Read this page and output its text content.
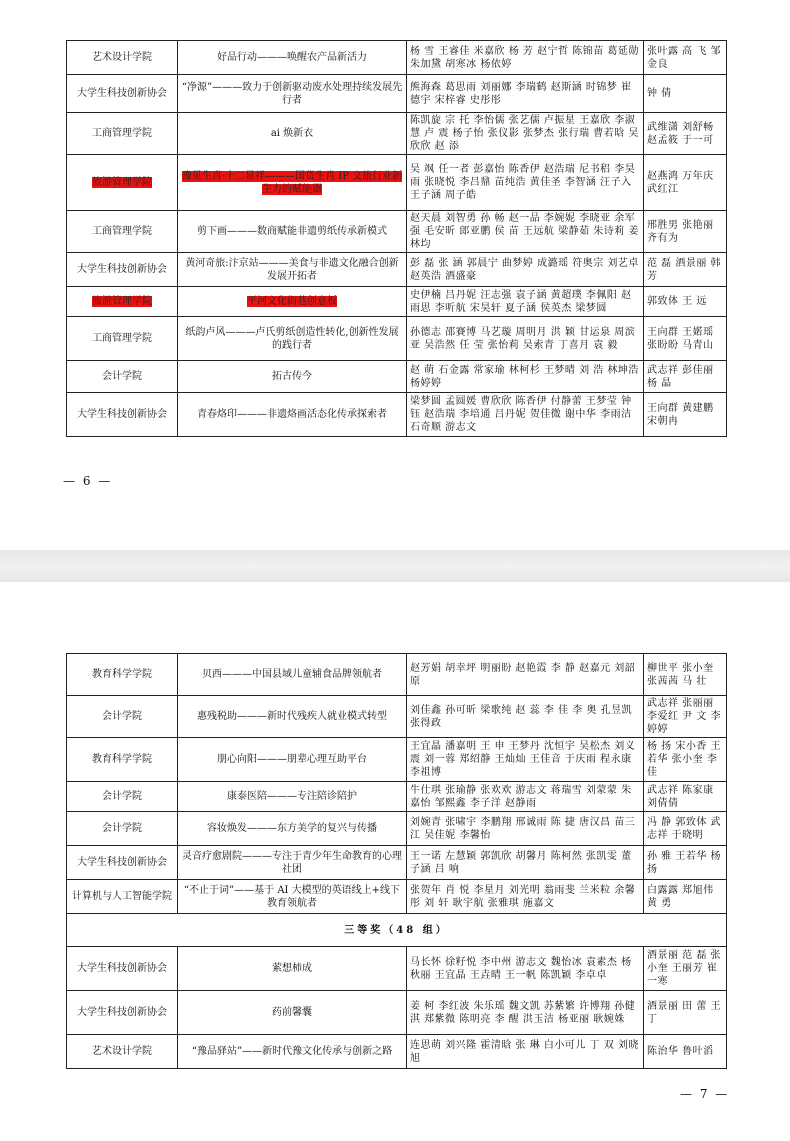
艺术设计学院	好品行动———唤醒农产品新活力	杨 雪 王睿佳 米嘉欣 杨 芳 赵宁哲 陈锦苗 葛延勋 朱加黛 胡寒冰 杨依婷	张叶露 高 飞 邹金良
大学生科技创新协会	“净源”———致力于创新驱动废水处理持续发展先行者	熊海森 葛思雨 刘丽娜 李瑞鹤 赵斯涵 时锦梦 崔德宇 宋梓睿 史彤彤	钟 倩
工商管理学院	ai 焕新衣	陈凯旋 宗 托 李怡儒 张艺儒 卢振星 王嘉欣 李淑慧 卢 震 杨子怡 张仪影 张梦杰 张行瑞 曹若晗 吴欣欣 赵 添	武维潇 刘舒畅 赵孟筱 于一可
旅游管理学院	豫见生肖·十二显祥———国货生肖 IP 文旅行业新生力的赋能器	吴 飒 任一者 彭嘉怡 陈香伊 赵浩瑞 尼书稆 李昊雨 张晓悦 李吕鼎 苗纯浩 黄佳圣 李智涵 汪子入 王子涵 周子皓	赵燕鸿 万年庆 武红江
工商管理学院	剪下画———数商赋能非遗剪纸传承新模式	赵天晨 刘智勇 孙 畅 赵一品 李婉妮 李晓亚 余军强 毛安昕 郎亚鹏 侯 苗 王远航 梁静茹 朱诗莉 姜林均	邢胜男 张艳丽 齐有为
大学生科技创新协会	黄河奇旅:汴京站———美食与非遗文化融合创新发展开拓者	彭 磊 张 涵 郭晨宁 曲梦婷 成潞瑶 符奥宗 刘艺卓 赵英浩 酒盛豪	范 磊 酒景丽 韩 芳
旅游管理学院	平河文化街巷创意板	史伊楠 吕丹妮 汪志强 袁子涵 黄超璞 李佩阳 赵雨思 李听航 宋昊轩 夏子涵 侯英杰 梁梦圆	郭致体 王 远
工商管理学院	纸韵卢风———卢氏剪纸创造性转化,创新性发展的践行者	孙德志 邵賽博 马艺璇 周明月 洪 颖 甘运泉 周滨亚 吴浩然 任 莹 张怡莉 吴索青 丁喜月 袁 毅	王向群 王婼瑶 张盼盼 马青山
会计学院	拓古传今	赵 萌 石金露 常家瑜 林柯杉 王梦晴 刘 浩 林坤浩 杨婷婷	武志祥 彭佳丽 杨 晶
大学生科技创新协会	青春烙印———非遗烙画活态化传承探索者	梁梦圆 孟圆媛 曹欣欣 陈香伊 付静蕾 王梦莹 钟 钰 赵浩瑞 李培通 吕丹妮 贺佳微 谢中华 李雨洁 石奇顺 游志文	王向群 黄建鹏 宋朝冉
— 6 —
教育科学学院	贝西———中国县域儿童辅食品牌领航者	赵芳娟 胡幸坪 明丽盼 赵艳霞 李 静 赵嘉元 刘韶原	柳世平 张小奎 张茜茜 马 壮
会计学院	惠残税助———新时代残疾人就业模式转型	刘佳鑫 孙可昕 梁歌纯 赵 蕊 李 佳 李 奥 孔昱凯 张得政	武志祥 张丽丽 李爱红 尹 文 李婷婷
教育科学学院	朋心向阳———朋辈心理互助平台	王宜晶 潘嘉明 王 申 王梦丹 沈恒宇 吴松杰 刘义震 刘一蓉 郑绍静 王灿灿 王佳音 于庆雨 程永康 李祖博	杨 扬 宋小香 王若华 张小奎 李 佳
会计学院	康泰医陪———专注陪诊陪护	牛仕琪 张瑜静 张欢欢 游志文 蒋瑞雪 刘蒙蒙 朱嘉怡 邹熙鑫 李子洋 赵静雨	武志祥 陈家康 刘倩倩
会计学院	容妆焕发———东方美学的复兴与传播	刘婉青 张啸宇 李鹏翔 邢诚雨 陈 捷 唐汉昌 苗三江 吴佳妮 李馨怡	冯 静 郭致体 武志祥 于晓明
大学生科技创新协会	灵音疗愈剧院———专注于青少年生命教育的心理社团	王一诺 左慧颖 郭凯欣 胡馨月 陈柯然 张凯雯 董子涵 吕 响	孙 雅 王若华 杨 扬
计算机与人工智能学院	“不止于词”——基于 AI 大模型的英语线上+线下教育领航者	张贺年 肖 悦 李星月 刘光明 翁雨斐 兰米粒 余馨彤 刘 轩 耿宇航 张雅琪 施嘉文	白露露 郑旭伟 黄 勇
三等奖（48 组）			
大学生科技创新协会	萦想柿成	马长怀 徐籽悦 李中州 游志文 魏怡冰 袁素杰 杨秋丽 王宜晶 王垚晴 王一帆 陈凯颖 李卓卓	酒景丽 范 磊 张小奎 王丽芳 崔一寒
大学生科技创新协会	药前馨囊	姜 柯 李红波 朱乐瑶 魏文凯 苏紫繁 许博翔 孙健淇 郑紫微 陈明亮 李 醒 洪玉洁 杨亚丽 耿婉姝	酒景丽 田 蕾 王 丁
艺术设计学院	“豫品驿站”——新时代豫文化传承与创新之路	连思萌 刘兴隆 霍清晗 张 琳 白小可儿 丁 双 刘晓旭	陈治华 鲁叶滔
— 7 —
